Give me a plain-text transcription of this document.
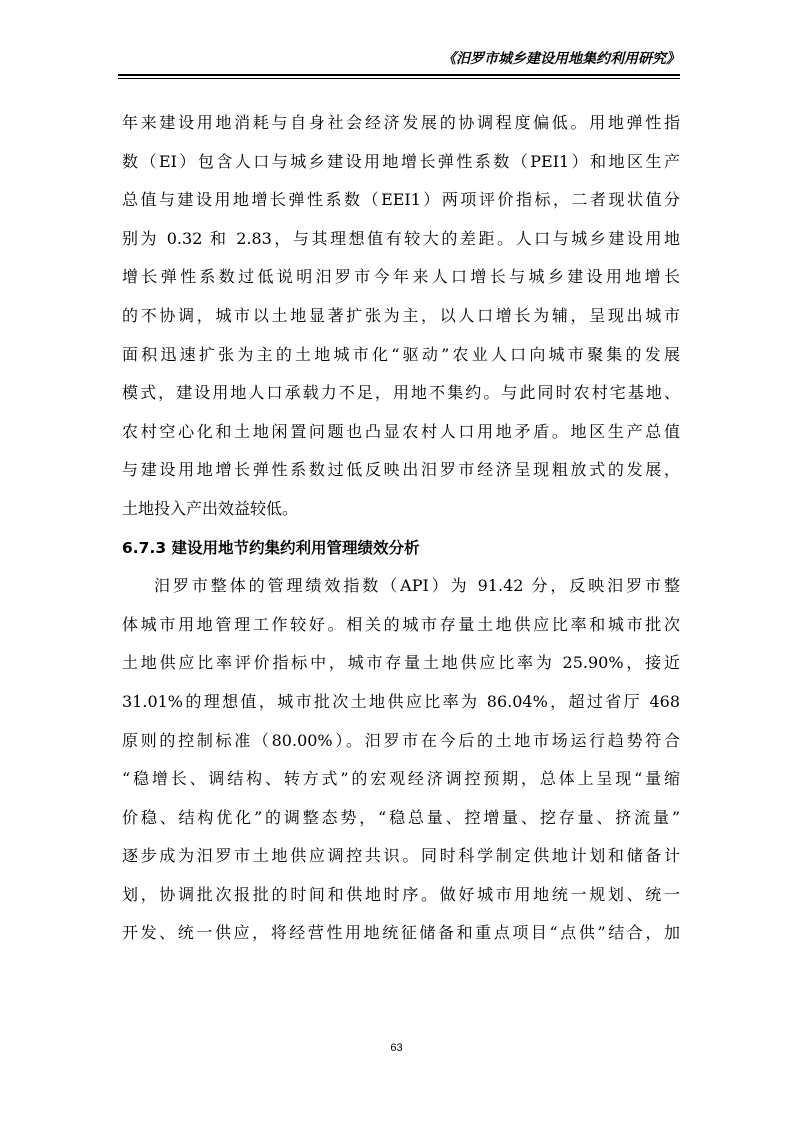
《汨罗市城乡建设用地集约利用研究》
年来建设用地消耗与自身社会经济发展的协调程度偏低。用地弹性指
数（EI）包含人口与城乡建设用地增长弹性系数（PEI1）和地区生产
总值与建设用地增长弹性系数（EEI1）两项评价指标，二者现状值分
别为 0.32 和 2.83，与其理想值有较大的差距。人口与城乡建设用地
增长弹性系数过低说明汨罗市今年来人口增长与城乡建设用地增长
的不协调，城市以土地显著扩张为主，以人口增长为辅，呈现出城市
面积迅速扩张为主的土地城市化“驱动”农业人口向城市聚集的发展
模式，建设用地人口承载力不足，用地不集约。与此同时农村宅基地、
农村空心化和土地闲置问题也凸显农村人口用地矛盾。地区生产总值
与建设用地增长弹性系数过低反映出汨罗市经济呈现粗放式的发展，
土地投入产出效益较低。
6.7.3 建设用地节约集约利用管理绩效分析
汨罗市整体的管理绩效指数（API）为 91.42 分，反映汨罗市整
体城市用地管理工作较好。相关的城市存量土地供应比率和城市批次
土地供应比率评价指标中，城市存量土地供应比率为 25.90%，接近
31.01%的理想值，城市批次土地供应比率为 86.04%，超过省厅 468
原则的控制标准（80.00%）。汨罗市在今后的土地市场运行趋势符合
“稳增长、调结构、转方式”的宏观经济调控预期，总体上呈现“量缩
价稳、结构优化”的调整态势，“稳总量、控增量、挖存量、挤流量”
逐步成为汨罗市土地供应调控共识。同时科学制定供地计划和储备计
划，协调批次报批的时间和供地时序。做好城市用地统一规划、统一
开发、统一供应，将经营性用地统征储备和重点项目“点供”结合，加
63
